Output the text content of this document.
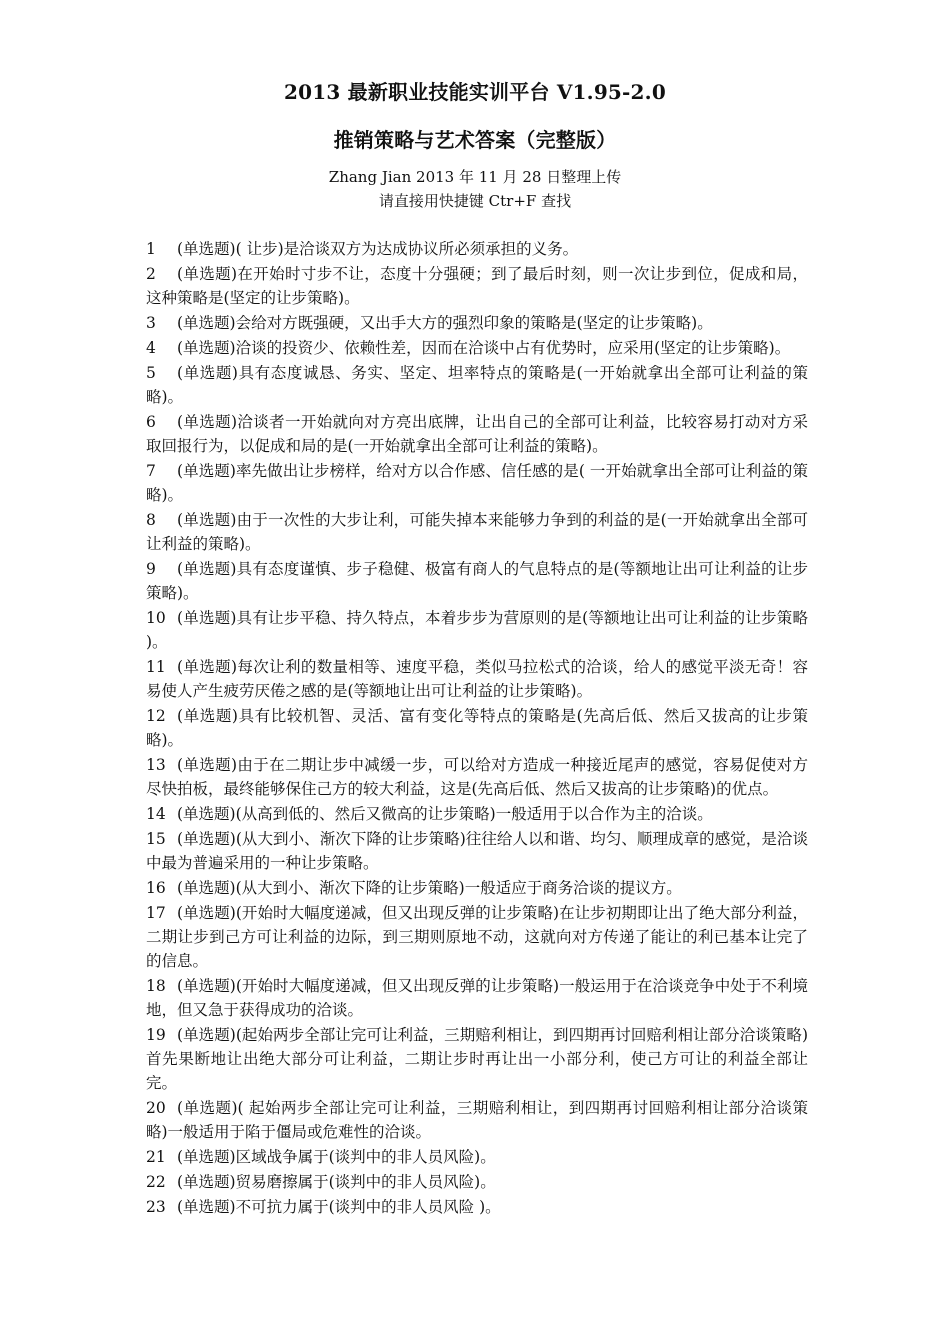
2013 最新职业技能实训平台 V1.95-2.0
推销策略与艺术答案（完整版）
Zhang Jian 2013 年 11 月 28 日整理上传
请直接用快捷键 Ctr+F 查找
1 (单选题)( 让步)是洽谈双方为达成协议所必须承担的义务。
2 (单选题)在开始时寸步不让，态度十分强硬；到了最后时刻，则一次让步到位，促成和局，这种策略是(坚定的让步策略)。
3 (单选题)会给对方既强硬，又出手大方的强烈印象的策略是(坚定的让步策略)。
4 (单选题)洽谈的投资少、依赖性差，因而在洽谈中占有优势时，应采用(坚定的让步策略)。
5 (单选题)具有态度诚恳、务实、坚定、坦率特点的策略是(一开始就拿出全部可让利益的策略)。
6 (单选题)洽谈者一开始就向对方亮出底牌，让出自己的全部可让利益，比较容易打动对方采取回报行为，以促成和局的是(一开始就拿出全部可让利益的策略)。
7 (单选题)率先做出让步榜样，给对方以合作感、信任感的是( 一开始就拿出全部可让利益的策略)。
8 (单选题)由于一次性的大步让利，可能失掉本来能够力争到的利益的是(一开始就拿出全部可让利益的策略)。
9 (单选题)具有态度谨慎、步子稳健、极富有商人的气息特点的是(等额地让出可让利益的让步策略)。
10 (单选题)具有让步平稳、持久特点，本着步步为营原则的是(等额地让出可让利益的让步策略 )。
11 (单选题)每次让利的数量相等、速度平稳，类似马拉松式的洽谈，给人的感觉平淡无奇！容易使人产生疲劳厌倦之感的是(等额地让出可让利益的让步策略)。
12 (单选题)具有比较机智、灵活、富有变化等特点的策略是(先高后低、然后又拔高的让步策略)。
13 (单选题)由于在二期让步中减缓一步，可以给对方造成一种接近尾声的感觉，容易促使对方尽快拍板，最终能够保住己方的较大利益，这是(先高后低、然后又拔高的让步策略)的优点。
14 (单选题)(从高到低的、然后又微高的让步策略)一般适用于以合作为主的洽谈。
15 (单选题)(从大到小、渐次下降的让步策略)往往给人以和谐、均匀、顺理成章的感觉，是洽谈中最为普遍采用的一种让步策略。
16 (单选题)(从大到小、渐次下降的让步策略)一般适应于商务洽谈的提议方。
17 (单选题)(开始时大幅度递减，但又出现反弹的让步策略)在让步初期即让出了绝大部分利益，二期让步到己方可让利益的边际，到三期则原地不动，这就向对方传递了能让的利已基本让完了的信息。
18 (单选题)(开始时大幅度递减，但又出现反弹的让步策略)一般运用于在洽谈竞争中处于不利境地，但又急于获得成功的洽谈。
19 (单选题)(起始两步全部让完可让利益，三期赔利相让，到四期再讨回赔利相让部分洽谈策略)首先果断地让出绝大部分可让利益，二期让步时再让出一小部分利，使己方可让的利益全部让完。
20 (单选题)( 起始两步全部让完可让利益，三期赔利相让，到四期再讨回赔利相让部分洽谈策略)一般适用于陷于僵局或危难性的洽谈。
21 (单选题)区域战争属于(谈判中的非人员风险)。
22 (单选题)贸易磨擦属于(谈判中的非人员风险)。
23 (单选题)不可抗力属于(谈判中的非人员风险 )。
